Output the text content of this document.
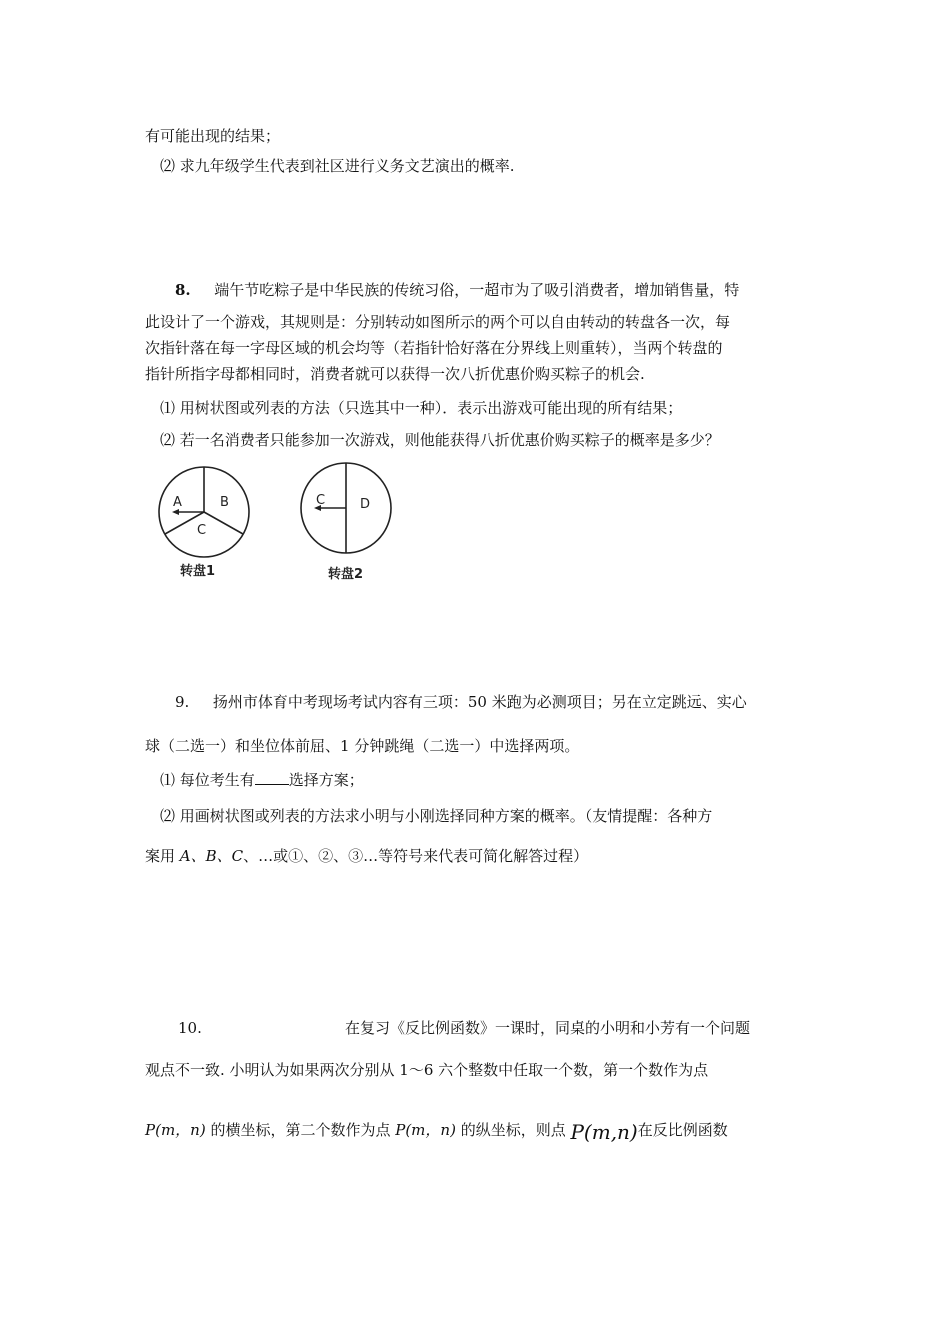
有可能出现的结果；
⑵ 求九年级学生代表到社区进行义务文艺演出的概率.
8. 端午节吃粽子是中华民族的传统习俗，一超市为了吸引消费者，增加销售量，特
此设计了一个游戏，其规则是：分别转动如图所示的两个可以自由转动的转盘各一次，每
次指针落在每一字母区域的机会均等（若指针恰好落在分界线上则重转），当两个转盘的
指针所指字母都相同时，消费者就可以获得一次八折优惠价购买粽子的机会.
⑴ 用树状图或列表的方法（只选其中一种）．表示出游戏可能出现的所有结果；
⑵ 若一名消费者只能参加一次游戏，则他能获得八折优惠价购买粽子的概率是多少？
A	B
C
转盘1
C	D
转盘2
9. 扬州市体育中考现场考试内容有三项：50 米跑为必测项目；另在立定跳远、实心
球（二选一）和坐位体前屈、1 分钟跳绳（二选一）中选择两项。
⑴ 每位考生有 选择方案；
⑵ 用画树状图或列表的方法求小明与小刚选择同种方案的概率。（友情提醒：各种方
案用 A、B、C、…或①、②、③…等符号来代表可简化解答过程）
10.	在复习《反比例函数》一课时，同桌的小明和小芳有一个问题
观点不一致. 小明认为如果两次分别从 1～6 六个整数中任取一个数，第一个数作为点
P(m，n) 的横坐标，第二个数作为点 P(m，n) 的纵坐标，则点 P(m,n)在反比例函数
